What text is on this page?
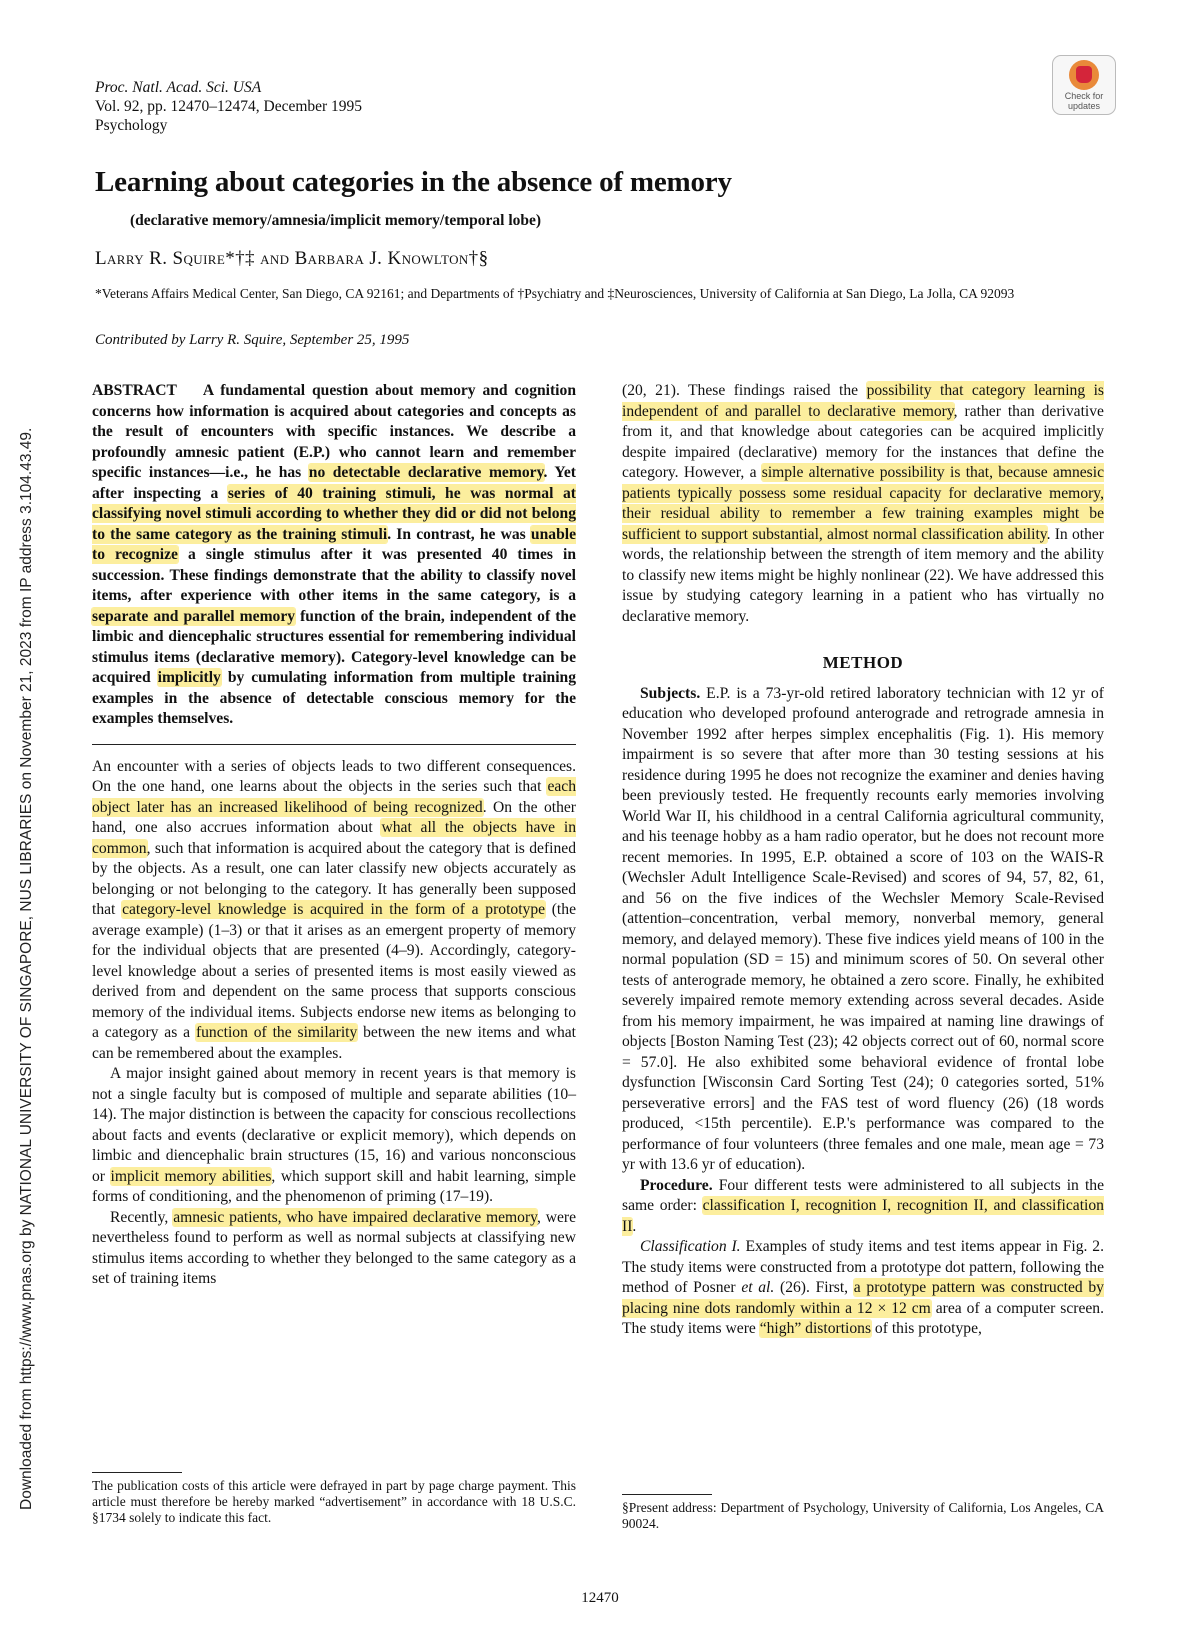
Downloaded from https://www.pnas.org by NATIONAL UNIVERSITY OF SINGAPORE, NUS LIBRARIES on November 21, 2023 from IP address 3.104.43.49.
Proc. Natl. Acad. Sci. USA
Vol. 92, pp. 12470–12474, December 1995
Psychology
Check for updates
Learning about categories in the absence of memory
(declarative memory/amnesia/implicit memory/temporal lobe)
Larry R. Squire*†‡ and Barbara J. Knowlton†§
*Veterans Affairs Medical Center, San Diego, CA 92161; and Departments of †Psychiatry and ‡Neurosciences, University of California at San Diego, La Jolla, CA 92093
Contributed by Larry R. Squire, September 25, 1995

ABSTRACT A fundamental question about memory and cognition concerns how information is acquired about categories and concepts as the result of encounters with specific instances. We describe a profoundly amnesic patient (E.P.) who cannot learn and remember specific instances—i.e., he has no detectable declarative memory. Yet after inspecting a series of 40 training stimuli, he was normal at classifying novel stimuli according to whether they did or did not belong to the same category as the training stimuli. In contrast, he was unable to recognize a single stimulus after it was presented 40 times in succession. These findings demonstrate that the ability to classify novel items, after experience with other items in the same category, is a separate and parallel memory function of the brain, independent of the limbic and diencephalic structures essential for remembering individual stimulus items (declarative memory). Category-level knowledge can be acquired implicitly by cumulating information from multiple training examples in the absence of detectable conscious memory for the examples themselves.

An encounter with a series of objects leads to two different consequences. On the one hand, one learns about the objects in the series such that each object later has an increased likelihood of being recognized. On the other hand, one also accrues information about what all the objects have in common, such that information is acquired about the category that is defined by the objects. As a result, one can later classify new objects accurately as belonging or not belonging to the category. It has generally been supposed that category-level knowledge is acquired in the form of a prototype (the average example) (1–3) or that it arises as an emergent property of memory for the individual objects that are presented (4–9). Accordingly, category-level knowledge about a series of presented items is most easily viewed as derived from and dependent on the same process that supports conscious memory of the individual items. Subjects endorse new items as belonging to a category as a function of the similarity between the new items and what can be remembered about the examples.

A major insight gained about memory in recent years is that memory is not a single faculty but is composed of multiple and separate abilities (10–14). The major distinction is between the capacity for conscious recollections about facts and events (declarative or explicit memory), which depends on limbic and diencephalic brain structures (15, 16) and various nonconscious or implicit memory abilities, which support skill and habit learning, simple forms of conditioning, and the phenomenon of priming (17–19).

Recently, amnesic patients, who have impaired declarative memory, were nevertheless found to perform as well as normal subjects at classifying new stimulus items according to whether they belonged to the same category as a set of training items

(20, 21). These findings raised the possibility that category learning is independent of and parallel to declarative memory, rather than derivative from it, and that knowledge about categories can be acquired implicitly despite impaired (declarative) memory for the instances that define the category. However, a simple alternative possibility is that, because amnesic patients typically possess some residual capacity for declarative memory, their residual ability to remember a few training examples might be sufficient to support substantial, almost normal classification ability. In other words, the relationship between the strength of item memory and the ability to classify new items might be highly nonlinear (22). We have addressed this issue by studying category learning in a patient who has virtually no declarative memory.

METHOD

Subjects. E.P. is a 73-yr-old retired laboratory technician with 12 yr of education who developed profound anterograde and retrograde amnesia in November 1992 after herpes simplex encephalitis (Fig. 1). His memory impairment is so severe that after more than 30 testing sessions at his residence during 1995 he does not recognize the examiner and denies having been previously tested. He frequently recounts early memories involving World War II, his childhood in a central California agricultural community, and his teenage hobby as a ham radio operator, but he does not recount more recent memories. In 1995, E.P. obtained a score of 103 on the WAIS-R (Wechsler Adult Intelligence Scale-Revised) and scores of 94, 57, 82, 61, and 56 on the five indices of the Wechsler Memory Scale-Revised (attention–concentration, verbal memory, nonverbal memory, general memory, and delayed memory). These five indices yield means of 100 in the normal population (SD = 15) and minimum scores of 50. On several other tests of anterograde memory, he obtained a zero score. Finally, he exhibited severely impaired remote memory extending across several decades. Aside from his memory impairment, he was impaired at naming line drawings of objects [Boston Naming Test (23); 42 objects correct out of 60, normal score = 57.0]. He also exhibited some behavioral evidence of frontal lobe dysfunction [Wisconsin Card Sorting Test (24); 0 categories sorted, 51% perseverative errors] and the FAS test of word fluency (26) (18 words produced, <15th percentile). E.P.'s performance was compared to the performance of four volunteers (three females and one male, mean age = 73 yr with 13.6 yr of education).

Procedure. Four different tests were administered to all subjects in the same order: classification I, recognition I, recognition II, and classification II.

Classification I. Examples of study items and test items appear in Fig. 2. The study items were constructed from a prototype dot pattern, following the method of Posner et al. (26). First, a prototype pattern was constructed by placing nine dots randomly within a 12 × 12 cm area of a computer screen. The study items were “high” distortions of this prototype,

The publication costs of this article were defrayed in part by page charge payment. This article must therefore be hereby marked “advertisement” in accordance with 18 U.S.C. §1734 solely to indicate this fact.
§Present address: Department of Psychology, University of California, Los Angeles, CA 90024.
12470
